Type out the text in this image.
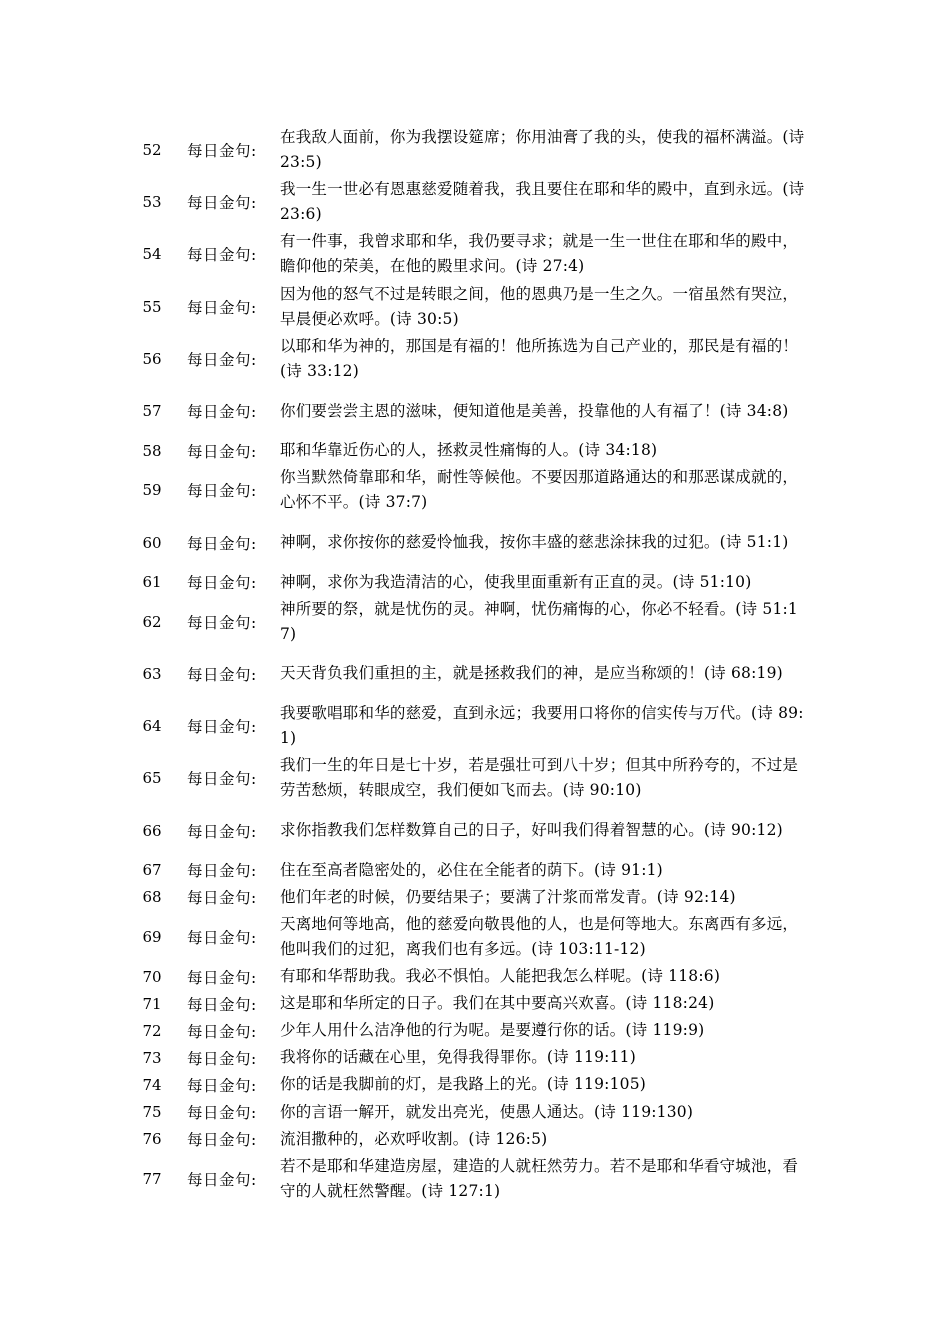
52	每日金句:
在我敌人面前，你为我摆设筵席；你用油膏了我的头，使我的福杯满溢。(诗 23:5)
53	每日金句:
我一生一世必有恩惠慈爱随着我，我且要住在耶和华的殿中，直到永远。(诗 23:6)
54	每日金句:
有一件事，我曾求耶和华，我仍要寻求；就是一生一世住在耶和华的殿中，瞻仰他的荣美，在他的殿里求问。(诗 27:4)
55	每日金句:
因为他的怒气不过是转眼之间，他的恩典乃是一生之久。一宿虽然有哭泣，早晨便必欢呼。(诗 30:5)
56	每日金句:
以耶和华为神的，那国是有福的！他所拣选为自己产业的，那民是有福的！(诗 33:12)
57	每日金句:	你们要尝尝主恩的滋味，便知道他是美善，投靠他的人有福了！(诗 34:8)
58	每日金句:	耶和华靠近伤心的人，拯救灵性痛悔的人。(诗 34:18)
59	每日金句:
你当默然倚靠耶和华，耐性等候他。不要因那道路通达的和那恶谋成就的，心怀不平。(诗 37:7)
60	每日金句:	神啊，求你按你的慈爱怜恤我，按你丰盛的慈悲涂抹我的过犯。(诗 51:1)
61	每日金句:	神啊，求你为我造清洁的心，使我里面重新有正直的灵。(诗 51:10)
62	每日金句:
神所要的祭，就是忧伤的灵。神啊，忧伤痛悔的心，你必不轻看。(诗 51:17)
63	每日金句:	天天背负我们重担的主，就是拯救我们的神，是应当称颂的！(诗 68:19)
64	每日金句:
我要歌唱耶和华的慈爱，直到永远；我要用口将你的信实传与万代。(诗 89:1)
65	每日金句:
我们一生的年日是七十岁，若是强壮可到八十岁；但其中所矜夸的，不过是劳苦愁烦，转眼成空，我们便如飞而去。(诗 90:10)
66	每日金句:	求你指教我们怎样数算自己的日子，好叫我们得着智慧的心。(诗 90:12)
67	每日金句:	住在至高者隐密处的，必住在全能者的荫下。(诗 91:1)
68	每日金句:	他们年老的时候，仍要结果子；要满了汁浆而常发青。(诗 92:14)
69	每日金句:
天离地何等地高，他的慈爱向敬畏他的人，也是何等地大。东离西有多远，他叫我们的过犯，离我们也有多远。(诗 103:11-12)
70	每日金句:	有耶和华帮助我。我必不惧怕。人能把我怎么样呢。(诗 118:6)
71	每日金句:	这是耶和华所定的日子。我们在其中要高兴欢喜。(诗 118:24)
72	每日金句:	少年人用什么洁净他的行为呢。是要遵行你的话。(诗 119:9)
73	每日金句:	我将你的话藏在心里，免得我得罪你。(诗 119:11)
74	每日金句:	你的话是我脚前的灯，是我路上的光。(诗 119:105)
75	每日金句:	你的言语一解开，就发出亮光，使愚人通达。(诗 119:130)
76	每日金句:	流泪撒种的，必欢呼收割。(诗 126:5)
77	每日金句:
若不是耶和华建造房屋，建造的人就枉然劳力。若不是耶和华看守城池，看守的人就枉然警醒。(诗 127:1)
